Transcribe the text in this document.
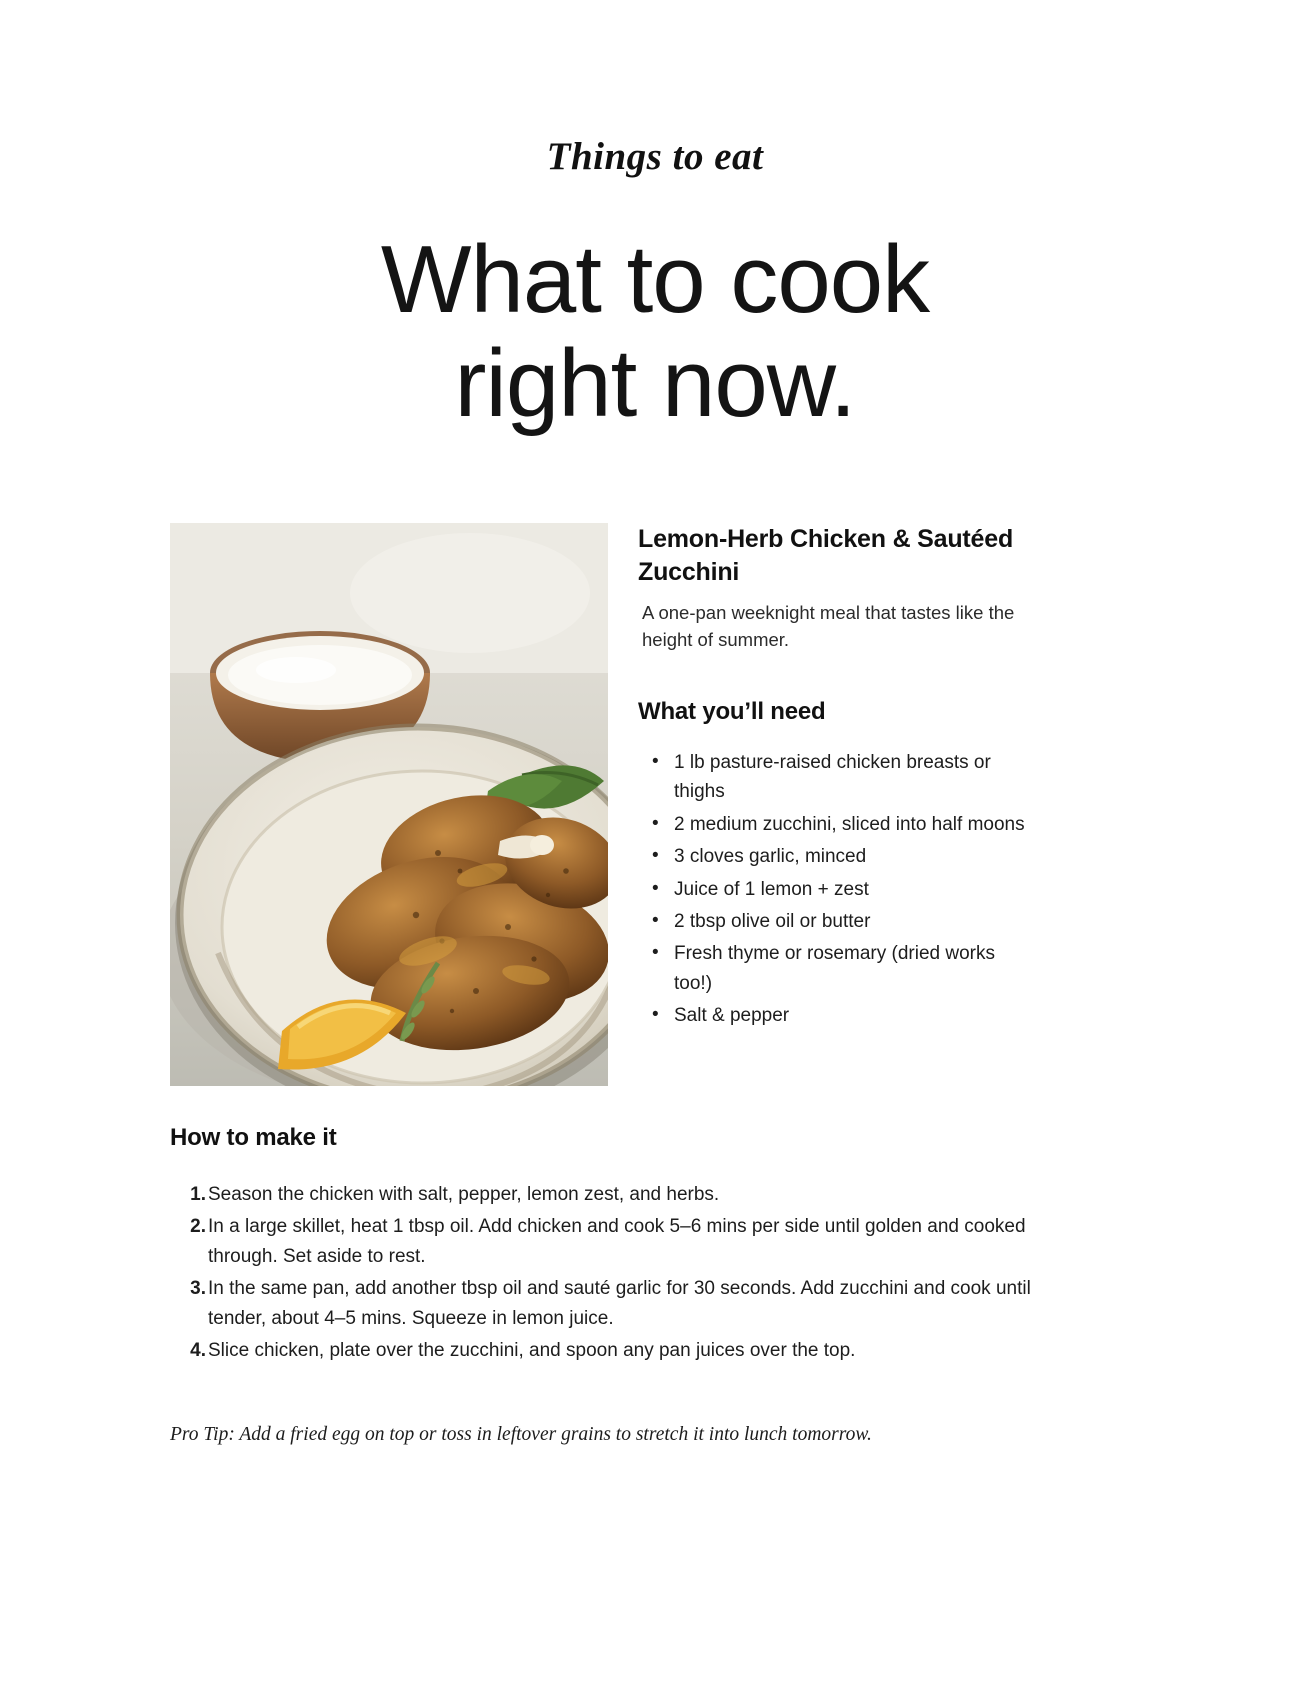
Things to eat
What to cook
right now.
Lemon-Herb Chicken & Sautéed Zucchini

A one-pan weeknight meal that tastes like the height of summer.

What you’ll need
• 1 lb pasture-raised chicken breasts or thighs
• 2 medium zucchini, sliced into half moons
• 3 cloves garlic, minced
• Juice of 1 lemon + zest
• 2 tbsp olive oil or butter
• Fresh thyme or rosemary (dried works too!)
• Salt & pepper
How to make it
Season the chicken with salt, pepper, lemon zest, and herbs.
In a large skillet, heat 1 tbsp oil. Add chicken and cook 5–6 mins per side until golden and cooked through. Set aside to rest.
In the same pan, add another tbsp oil and sauté garlic for 30 seconds. Add zucchini and cook until tender, about 4–5 mins. Squeeze in lemon juice.
Slice chicken, plate over the zucchini, and spoon any pan juices over the top.
Pro Tip: Add a fried egg on top or toss in leftover grains to stretch it into lunch tomorrow.
